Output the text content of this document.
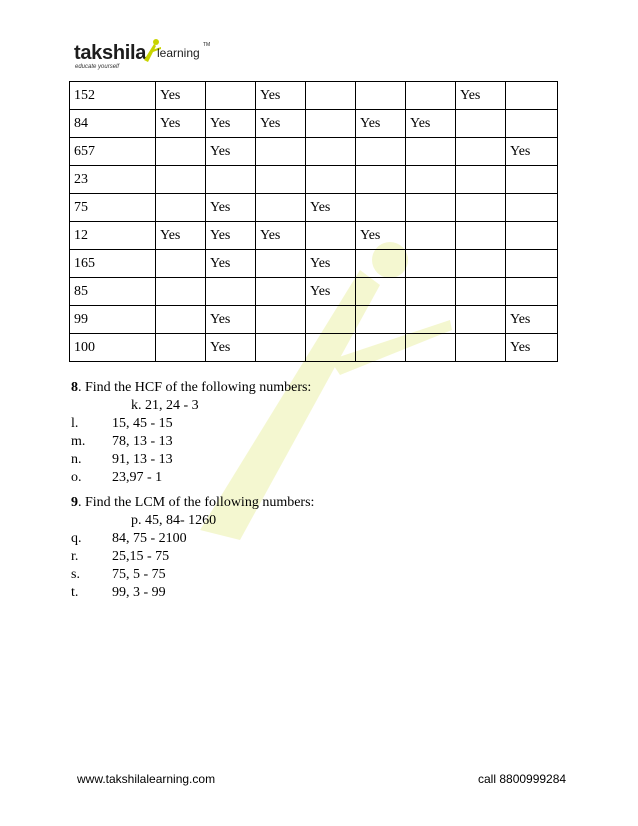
takshila learning
TM
educate yourself
152	Yes		Yes				Yes	
84	Yes	Yes	Yes		Yes	Yes		
657		Yes						Yes
23								
75		Yes		Yes				
12	Yes	Yes	Yes		Yes			
165		Yes		Yes				
85				Yes				
99		Yes						Yes
100		Yes						Yes
8. Find the HCF of the following numbers:
k. 21, 24 - 3
l.	15, 45 - 15
m.	78, 13 - 13
n.	91, 13 - 13
o.	23,97 - 1
9. Find the LCM of the following numbers:
p. 45, 84- 1260
q.	84, 75 - 2100
r.	25,15 - 75
s.	75, 5 - 75
t.	99, 3 - 99
www.takshilalearning.com	call 8800999284
